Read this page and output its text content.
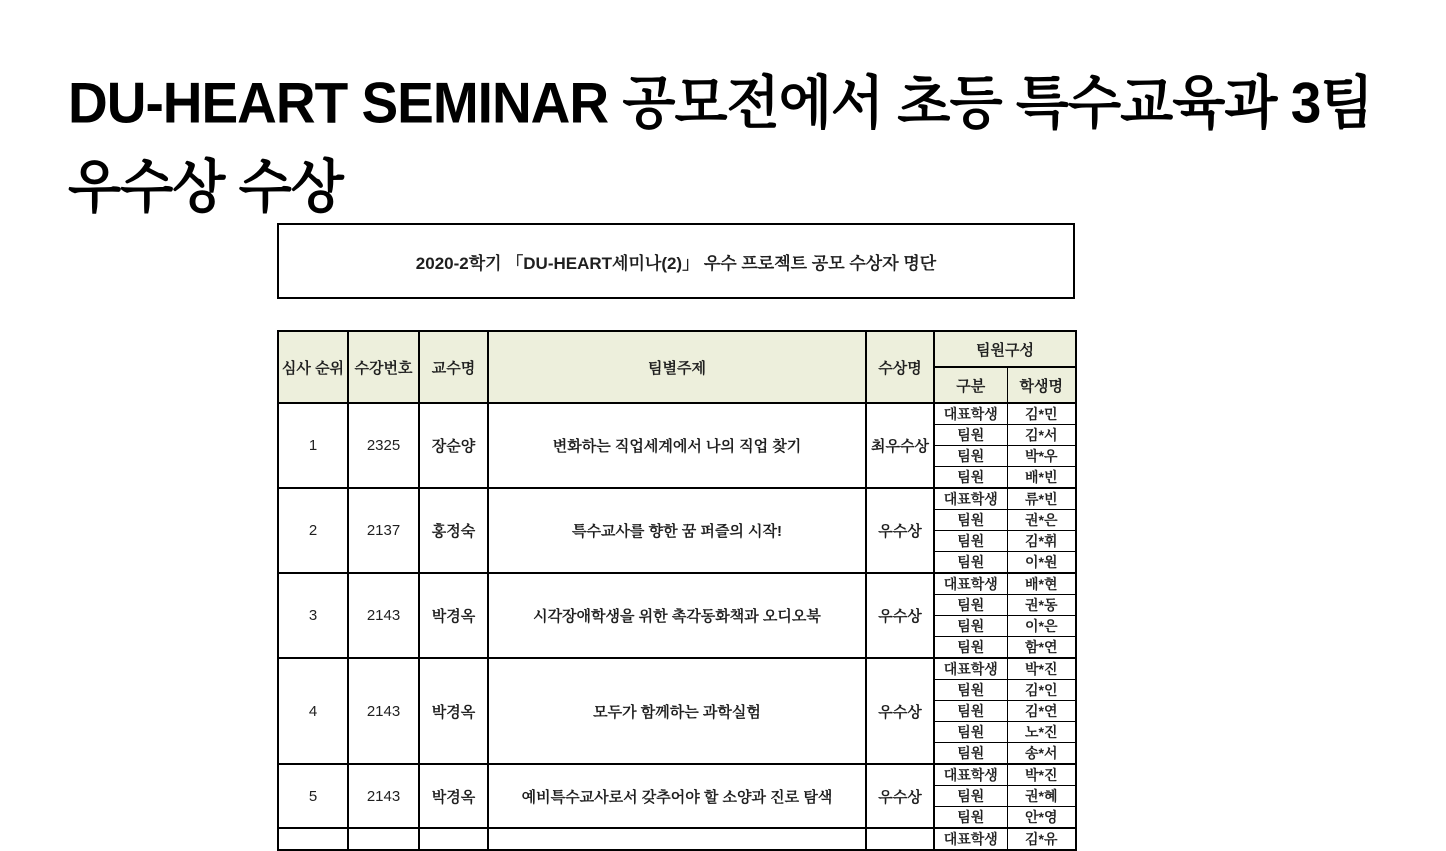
DU-HEART SEMINAR 공모전에서 초등 특수교육과 3팀
우수상 수상
2020-2학기 「DU-HEART세미나(2)」 우수 프로젝트 공모 수상자 명단
심사 순위	수강번호	교수명	팀별주제	수상명	팀원구성	
					구분	학생명
1	2325	장순양	변화하는 직업세계에서 나의 직업 찾기	최우수상	대표학생	김*민
					팀원	김*서
					팀원	박*우
					팀원	배*빈
2	2137	홍정숙	특수교사를 향한 꿈 퍼즐의 시작!	우수상	대표학생	류*빈
					팀원	권*은
					팀원	김*휘
					팀원	이*원
3	2143	박경옥	시각장애학생을 위한 촉각동화책과 오디오북	우수상	대표학생	배*현
					팀원	권*동
					팀원	이*은
					팀원	함*연
4	2143	박경옥	모두가 함께하는 과학실험	우수상	대표학생	박*진
					팀원	김*인
					팀원	김*연
					팀원	노*진
					팀원	송*서
5	2143	박경옥	예비특수교사로서 갖추어야 할 소양과 진로 탐색	우수상	대표학생	박*진
					팀원	권*혜
					팀원	안*영
					대표학생	김*유
